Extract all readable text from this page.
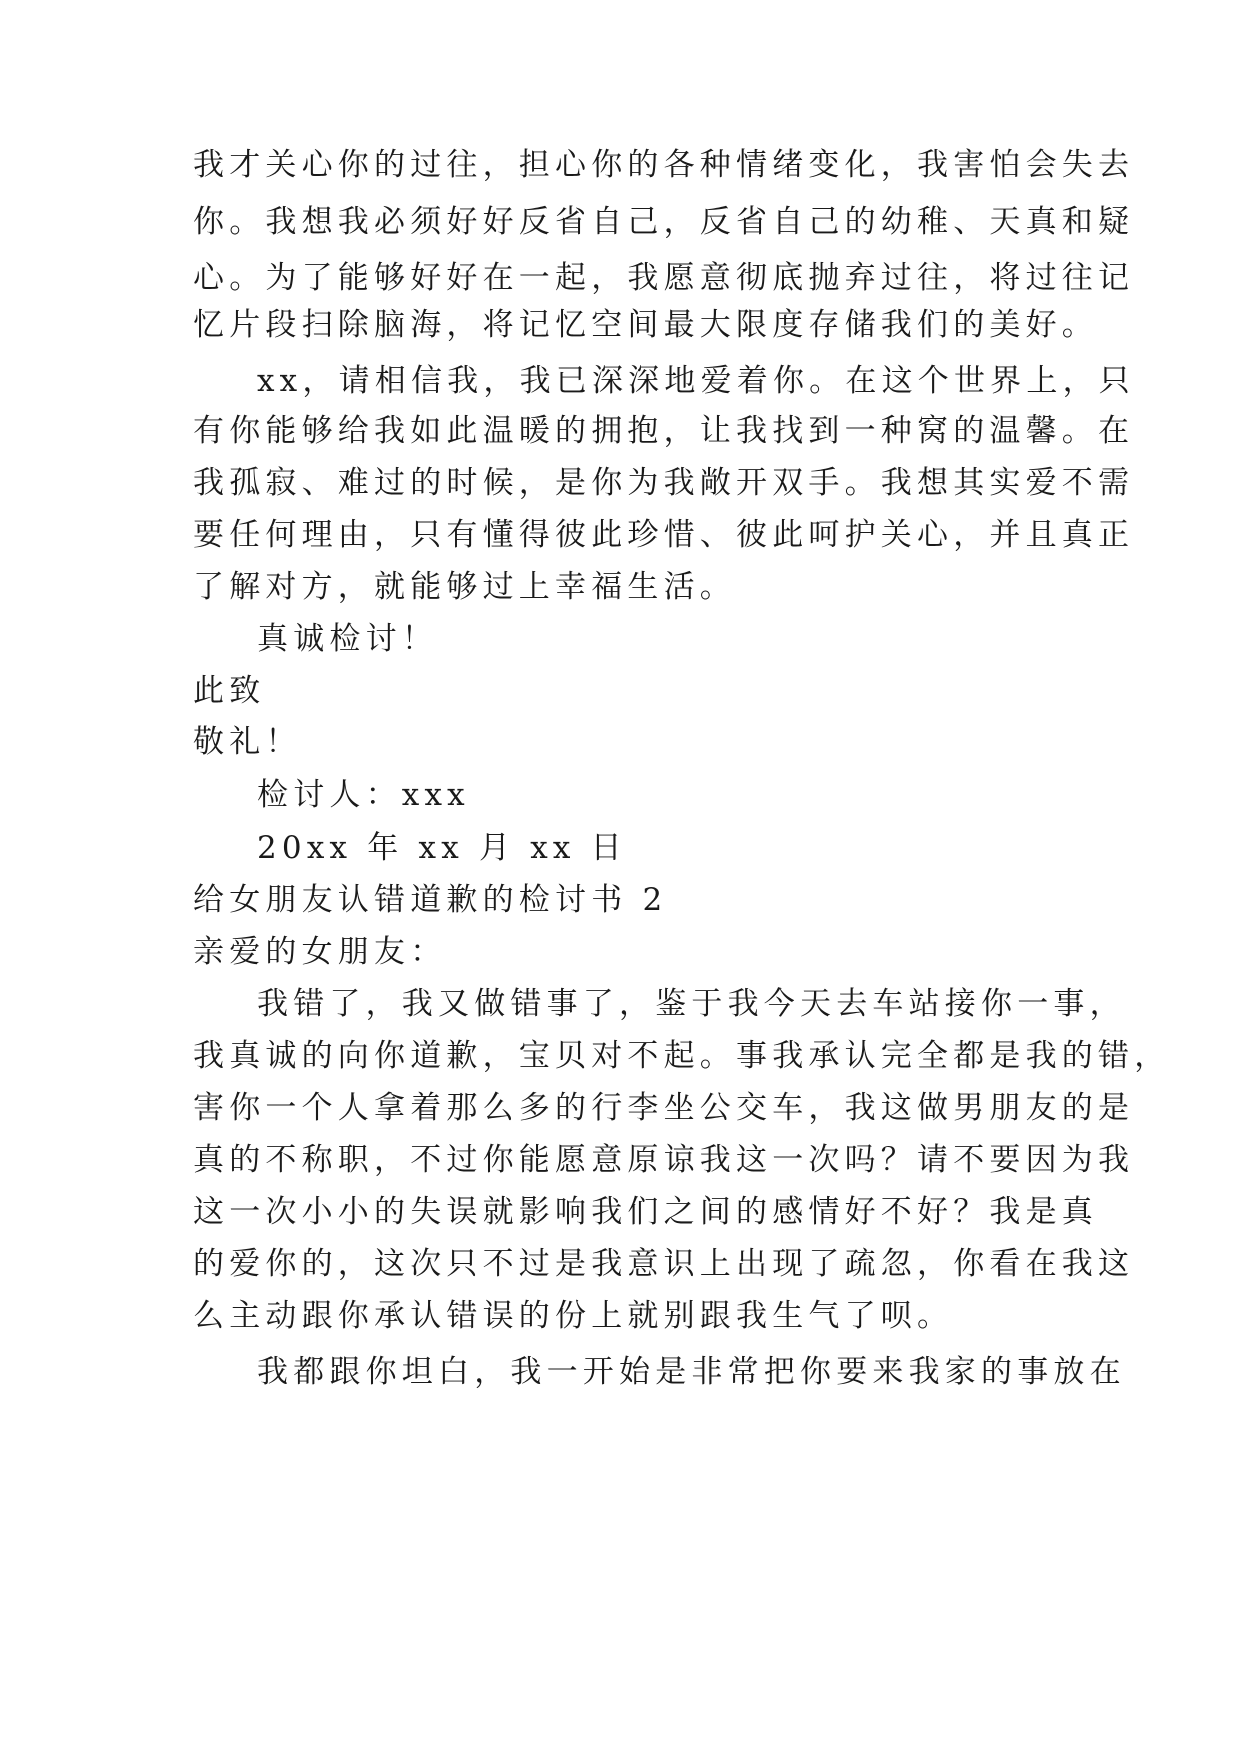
我才关心你的过往，担心你的各种情绪变化，我害怕会失去
你。我想我必须好好反省自己，反省自己的幼稚、天真和疑
心。为了能够好好在一起，我愿意彻底抛弃过往，将过往记
忆片段扫除脑海，将记忆空间最大限度存储我们的美好。
xx，请相信我，我已深深地爱着你。在这个世界上，只
有你能够给我如此温暖的拥抱，让我找到一种窝的温馨。在
我孤寂、难过的时候，是你为我敞开双手。我想其实爱不需
要任何理由，只有懂得彼此珍惜、彼此呵护关心，并且真正
了解对方，就能够过上幸福生活。
真诚检讨！
此致
敬礼！
检讨人：xxx
20xx 年 xx 月 xx 日
给女朋友认错道歉的检讨书 2
亲爱的女朋友：
我错了，我又做错事了，鉴于我今天去车站接你一事，
我真诚的向你道歉，宝贝对不起。事我承认完全都是我的错，
害你一个人拿着那么多的行李坐公交车，我这做男朋友的是
真的不称职，不过你能愿意原谅我这一次吗？请不要因为我
这一次小小的失误就影响我们之间的感情好不好？我是真
的爱你的，这次只不过是我意识上出现了疏忽，你看在我这
么主动跟你承认错误的份上就别跟我生气了呗。
我都跟你坦白，我一开始是非常把你要来我家的事放在
